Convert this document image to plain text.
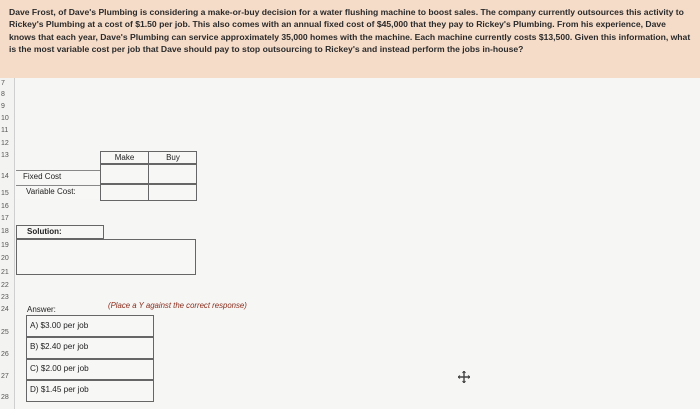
Dave Frost, of Dave's Plumbing is considering a make-or-buy decision for a water flushing machine to boost sales. The company currently outsources this activity to Rickey's Plumbing at a cost of $1.50 per job. This also comes with an annual fixed cost of $45,000 that they pay to Rickey's Plumbing. From his experience, Dave knows that each year, Dave's Plumbing can service approximately 35,000 homes with the machine. Each machine currently costs $13,500. Given this information, what is the most variable cost per job that Dave should pay to stop outsourcing to Rickey's and instead perform the jobs in-house?
7
8
9
10
11
12
13
14
15
16
17
18
19
20
21
22
23
24
25
26
27
28
Make	Buy
Fixed Cost
Variable Cost:
Solution:
Answer:	(Place a Y against the correct response)
A) $3.00 per job
B) $2.40 per job
C) $2.00 per job
D) $1.45 per job
